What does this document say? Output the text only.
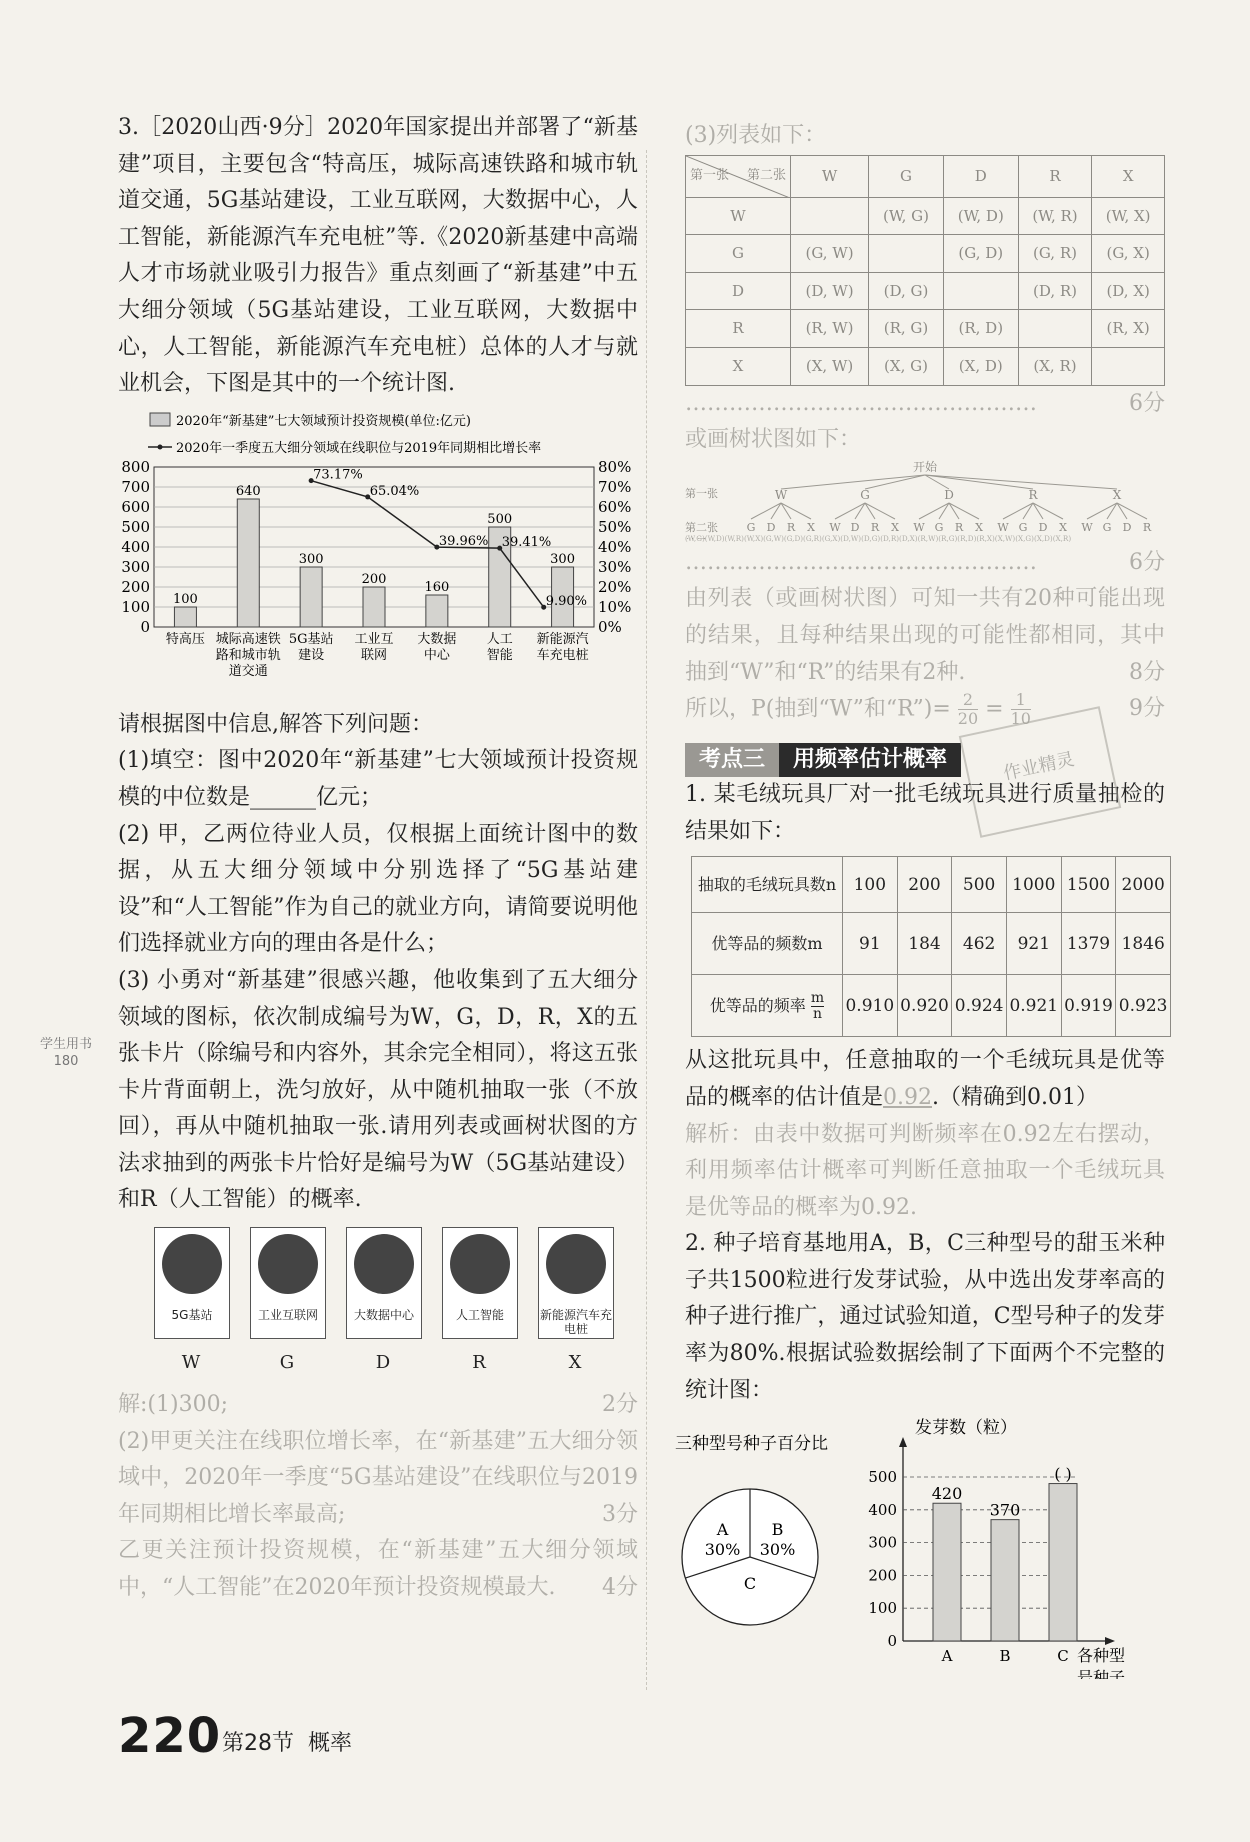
学生用书
180

3.［2020山西·9分］2020年国家提出并部署了“新基建”项目，主要包含“特高压，城际高速铁路和城市轨道交通，5G基站建设，工业互联网，大数据中心，人工智能，新能源汽车充电桩”等.《2020新基建中高端人才市场就业吸引力报告》重点刻画了“新基建”中五大细分领域（5G基站建设，工业互联网，大数据中心，人工智能，新能源汽车充电桩）总体的人才与就业机会，下图是其中的一个统计图.

2020年“新基建”七大领域预计投资规模(单位:亿元)
2020年一季度五大细分领域在线职位与2019年同期相比增长率
0
100
200
300
400
500
600
700
800
0%
10%
20%
30%
40%
50%
60%
70%
80%
100
特高压
640
城际高速铁
路和城市轨
道交通
300
5G基站
建设
200
工业互
联网
160
大数据
中心
500
人工
智能
300
新能源汽
车充电桩
73.17%
65.04%
39.96% 39.41%
9.90%

请根据图中信息,解答下列问题：

(1)填空：图中2020年“新基建”七大领域预计投资规模的中位数是______亿元；

(2) 甲，乙两位待业人员，仅根据上面统计图中的数据，从五大细分领域中分别选择了“5G基站建设”和“人工智能”作为自己的就业方向，请简要说明他们选择就业方向的理由各是什么；

(3) 小勇对“新基建”很感兴趣，他收集到了五大细分领域的图标，依次制成编号为W，G，D，R，X的五张卡片（除编号和内容外，其余完全相同），将这五张卡片背面朝上，洗匀放好，从中随机抽取一张（不放回），再从中随机抽取一张.请用列表或画树状图的方法求抽到的两张卡片恰好是编号为W（5G基站建设）和R（人工智能）的概率.

5G基站
W
工业互联网
G
大数据中心
D
人工智能
R
新能源汽车充电桩
X

解:(1)300;	2分

(2)甲更关注在线职位增长率，在“新基建”五大细分领域中，2020年一季度“5G基站建设”在线职位与2019年同期相比增长率最高;	3分

乙更关注预计投资规模，在“新基建”五大细分领域中，“人工智能”在2020年预计投资规模最大. 4分

(3)列表如下：

第二张
第一张	W	G	D	R	X
W		(W, G)	(W, D)	(W, R)	(W, X)
G	(G, W)		(G, D)	(G, R)	(G, X)
D	(D, W)	(D, G)		(D, R)	(D, X)
R	(R, W)	(R, G)	(R, D)		(R, X)
X	(X, W)	(X, G)	(X, D)	(X, R)	

…………………………………………	6分

或画树状图如下：

开始
第一张
第二张
W
G D R X
G
W D R X
D
W G R X
R
W G D X
X
W G D R
(W,G)(W,D)(W,R)(W,X)(G,W)(G,D)(G,R)(G,X)(D,W)(D,G)(D,R)(D,X)(R,W)(R,G)(R,D)(R,X)(X,W)(X,G)(X,D)(X,R)

…………………………………………	6分

由列表（或画树状图）可知一共有20种可能出现的结果，且每种结果出现的可能性都相同，其中抽到“W”和“R”的结果有2种.	8分

所以，P(抽到“W”和“R”)= $\frac{2}{20} = \frac{1}{10}$	9分

考点三 用频率估计概率

1. 某毛绒玩具厂对一批毛绒玩具进行质量抽检的结果如下：

抽取的毛绒玩具数n	100	200	500	1000	1500	2000
优等品的频数m	91	184	462	921	1379	1846
优等品的频率 $\frac{m}{n}$	0.910	0.920	0.924	0.921	0.919	0.923

从这批玩具中，任意抽取的一个毛绒玩具是优等品的概率的估计值是0.92.（精确到0.01）

解析：由表中数据可判断频率在0.92左右摆动，利用频率估计概率可判断任意抽取一个毛绒玩具是优等品的概率为0.92.

2. 种子培育基地用A，B，C三种型号的甜玉米种子共1500粒进行发芽试验，从中选出发芽率高的种子进行推广，通过试验知道，C型号种子的发芽率为80%.根据试验数据绘制了下面两个不完整的统计图：

三种型号种子百分比
A
30%
B
30%
C
发芽数（粒）
各种型
号种子
0
100
200
300
400
500
420
A
370
B
( )
C
作业精灵
220 第28节 概率
